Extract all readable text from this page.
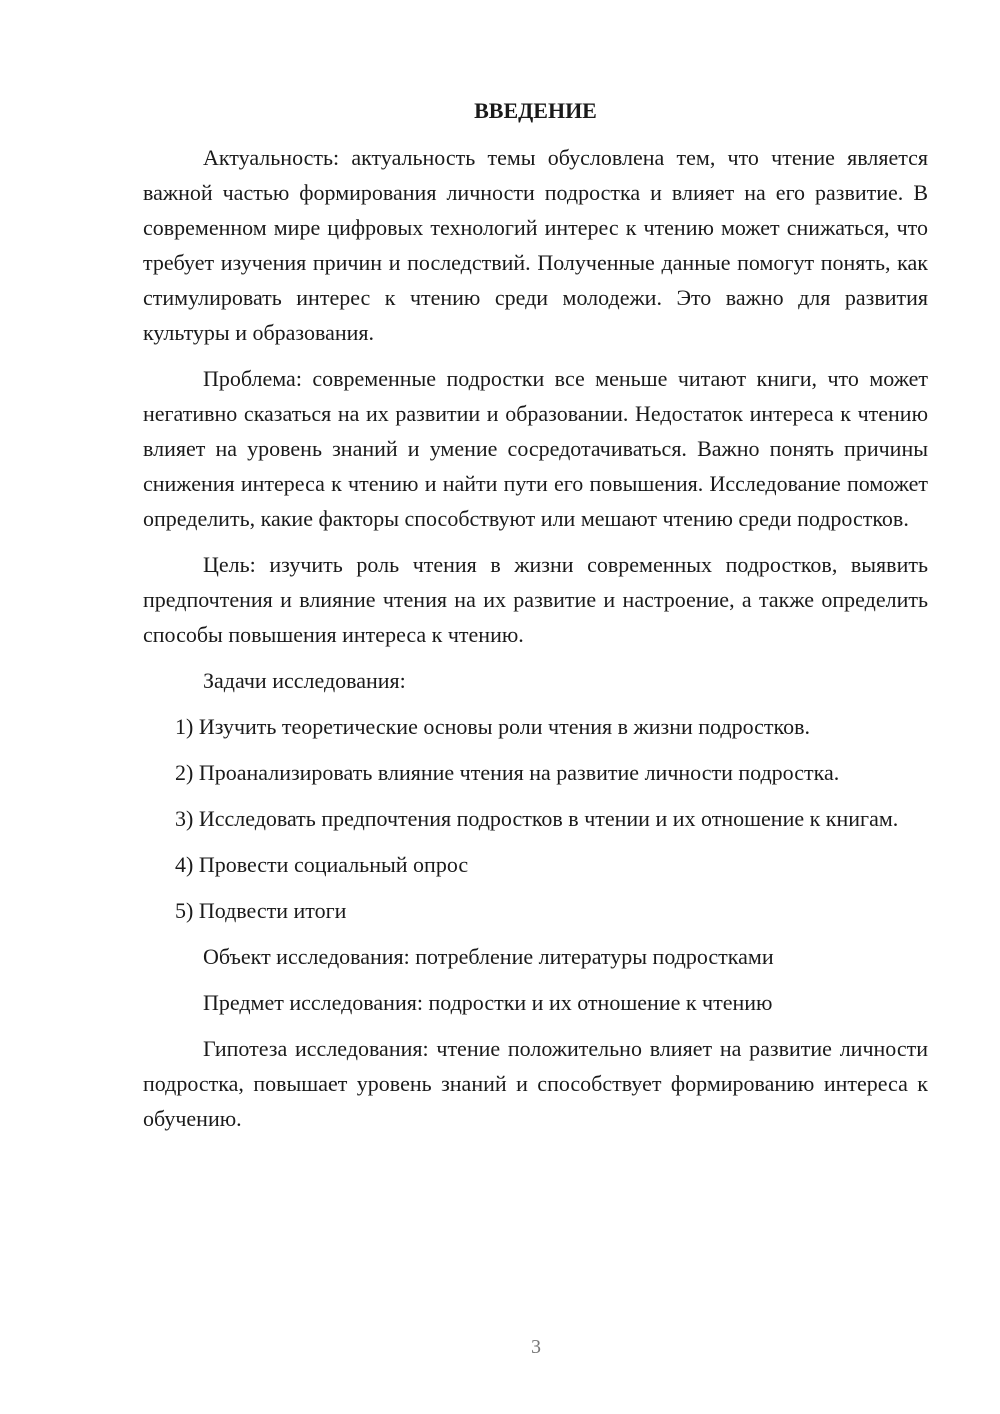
ВВЕДЕНИЕ

Актуальность: актуальность темы обусловлена тем, что чтение является важной частью формирования личности подростка и влияет на его развитие. В современном мире цифровых технологий интерес к чтению может снижаться, что требует изучения причин и последствий. Полученные данные помогут понять, как стимулировать интерес к чтению среди молодежи. Это важно для развития культуры и образования.

Проблема: современные подростки все меньше читают книги, что может негативно сказаться на их развитии и образовании. Недостаток интереса к чтению влияет на уровень знаний и умение сосредотачиваться. Важно понять причины снижения интереса к чтению и найти пути его повышения. Исследование поможет определить, какие факторы способствуют или мешают чтению среди подростков.

Цель: изучить роль чтения в жизни современных подростков, выявить предпочтения и влияние чтения на их развитие и настроение, а также определить способы повышения интереса к чтению.

Задачи исследования:

1) Изучить теоретические основы роли чтения в жизни подростков.

2) Проанализировать влияние чтения на развитие личности подростка.

3) Исследовать предпочтения подростков в чтении и их отношение к книгам.

4) Провести социальный опрос

5) Подвести итоги

Объект исследования: потребление литературы подростками

Предмет исследования: подростки и их отношение к чтению

Гипотеза исследования: чтение положительно влияет на развитие личности подростка, повышает уровень знаний и способствует формированию интереса к обучению.

3
